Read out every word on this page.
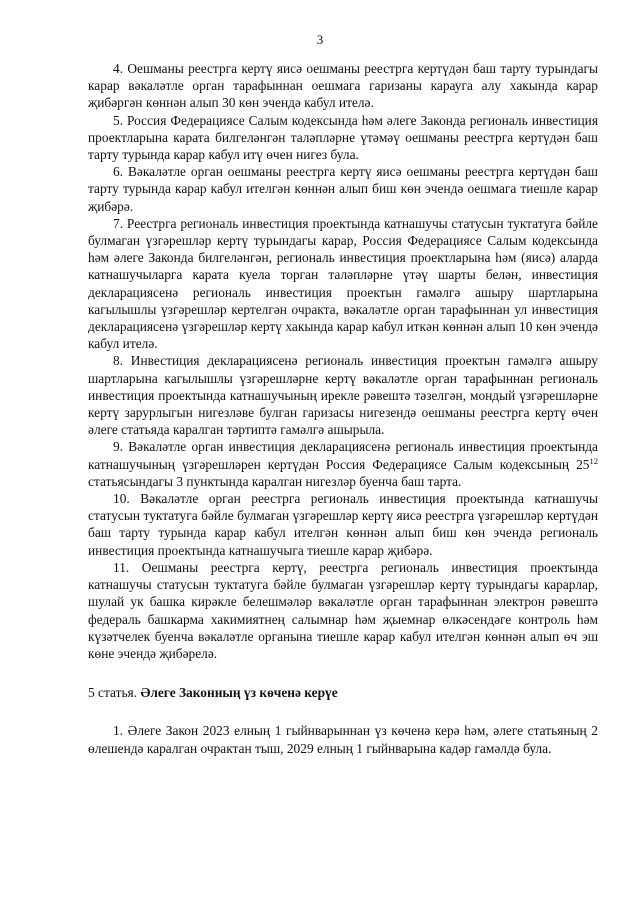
3

4. Оешманы реестрга кертү яисә оешманы реестрга кертүдән баш тарту турындагы карар вәкаләтле орган тарафыннан оешмага гаризаны караугa алу хакында карар җибәргән көннән алып 30 көн эчендә кабул ителә.

5. Россия Федерациясе Салым кодексында һәм әлеге Законда региональ инвестиция проектларына карата билгеләнгән таләпләрне үтәмәү оешманы реестрга кертүдән баш тарту турында карар кабул итү өчен нигез була.

6. Вәкаләтле орган оешманы реестрга кертү яисә оешманы реестрга кертүдән баш тарту турында карар кабул ителгән көннән алып биш көн эчендә оешмага тиешле карар җибәрә.

7. Реестрга региональ инвестиция проектында катнашучы статусын туктатуга бәйле булмаган үзгәрешләр кертү турындагы карар, Россия Федерациясе Салым кодексында һәм әлеге Законда билгеләнгән, региональ инвестиция проектларына һәм (яисә) аларда катнашучыларга карата куела торган таләпләрне үтәү шарты белән, инвестиция декларациясенә региональ инвестиция проектын гамәлгә ашыру шартларына кагылышлы үзгәрешләр кертелгән очракта, вәкаләтле орган тарафыннан ул инвестиция декларациясенә үзгәрешләр кертү хакында карар кабул иткән көннән алып 10 көн эчендә кабул ителә.

8. Инвестиция декларациясенә региональ инвестиция проектын гамәлгә ашыру шартларына кагылышлы үзгәрешләрне кертү вәкаләтле орган тарафыннан региональ инвестиция проектында катнашучының ирекле рәвештә тәзелгән, мондый үзгәрешләрне кертү зарурлыгын нигезләве булган гаризасы нигезендә оешманы реестрга кертү өчен әлеге статьяда каралган тәртиптә гамәлгә ашырыла.

9. Вәкаләтле орган инвестиция декларациясенә региональ инвестиция проектында катнашучының үзгәрешләрен кертүдән Россия Федерациясе Салым кодексының $25^{12}$ статьясындагы 3 пунктында каралган нигезләр буенча баш тарта.

10. Вәкаләтле орган реестрга региональ инвестиция проектында катнашучы статусын туктатуга бәйле булмаган үзгәрешләр кертү яисә реестрга үзгәрешләр кертүдән баш тарту турында карар кабул ителгән көннән алып биш көн эчендә региональ инвестиция проектында катнашучыга тиешле карар җибәрә.

11. Оешманы реестрга кертү, реестрга региональ инвестиция проектында катнашучы статусын туктатуга бәйле булмаган үзгәрешләр кертү турындагы карарлар, шулай ук башка кирәкле белешмәләр вәкаләтле орган тарафыннан электрон рәвештә федераль башкарма хакимиятнең салымнар һәм җыемнар өлкәсендәге контроль һәм күзәтчелек буенча вәкаләтле органына тиешле карар кабул ителгән көннән алып өч эш көне эчендә җибәрелә.

5 статья. Әлеге Законның үз көченә керүе

1. Әлеге Закон 2023 елның 1 гыйнварыннан үз көченә керә һәм, әлеге статьяның 2 өлешендә каралган очрактан тыш, 2029 елның 1 гыйнварына кадәр гамәлдә була.
